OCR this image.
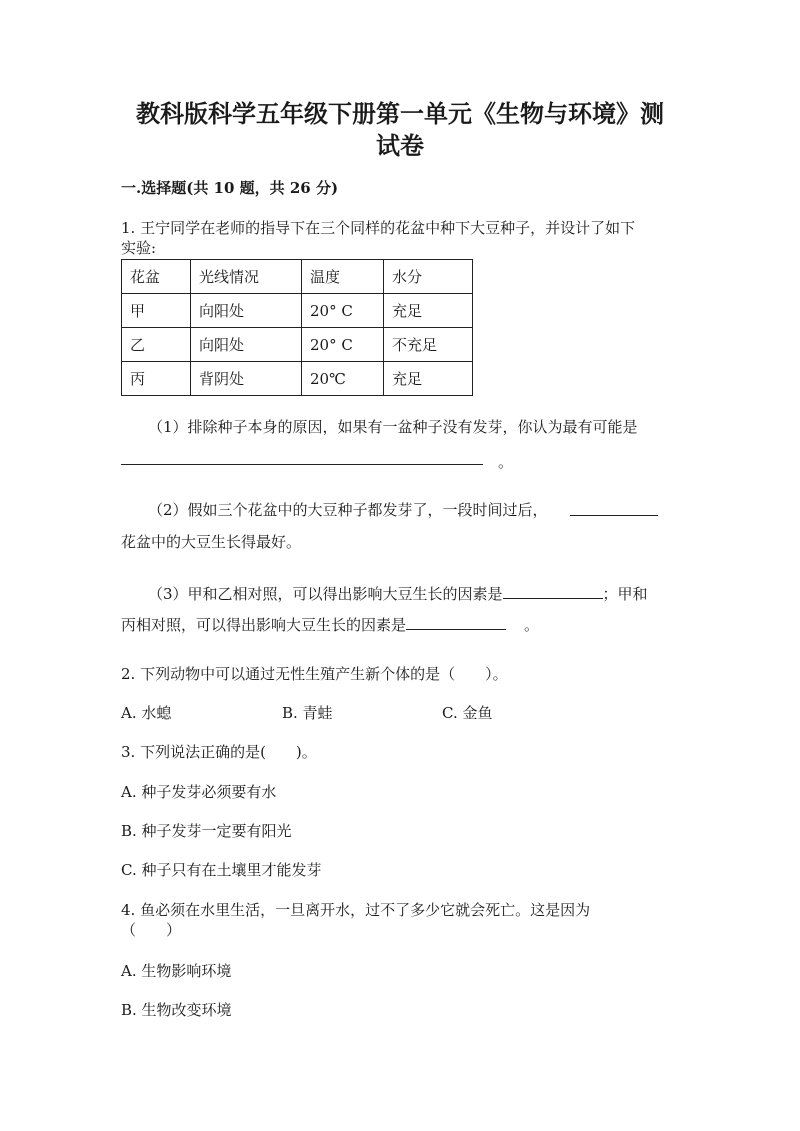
教科版科学五年级下册第一单元《生物与环境》测
试卷
一.选择题(共 10 题，共 26 分)
1. 王宁同学在老师的指导下在三个同样的花盆中种下大豆种子，并设计了如下
实验:
花盆	光线情况	温度	水分
甲	向阳处	20° C	充足
乙	向阳处	20° C	不充足
丙	背阴处	20℃	充足
（1）排除种子本身的原因，如果有一盆种子没有发芽，你认为最有可能是
。
（2）假如三个花盆中的大豆种子都发芽了，一段时间过后，
花盆中的大豆生长得最好。
（3）甲和乙相对照，可以得出影响大豆生长的因素是	；甲和
丙相对照，可以得出影响大豆生长的因素是	。
2. 下列动物中可以通过无性生殖产生新个体的是（　　）。
A. 水螅	B. 青蛙	C. 金鱼
3. 下列说法正确的是(　　)。
A. 种子发芽必须要有水
B. 种子发芽一定要有阳光
C. 种子只有在土壤里才能发芽
4. 鱼必须在水里生活，一旦离开水，过不了多少它就会死亡。这是因为
（　　）
A. 生物影响环境
B. 生物改变环境
